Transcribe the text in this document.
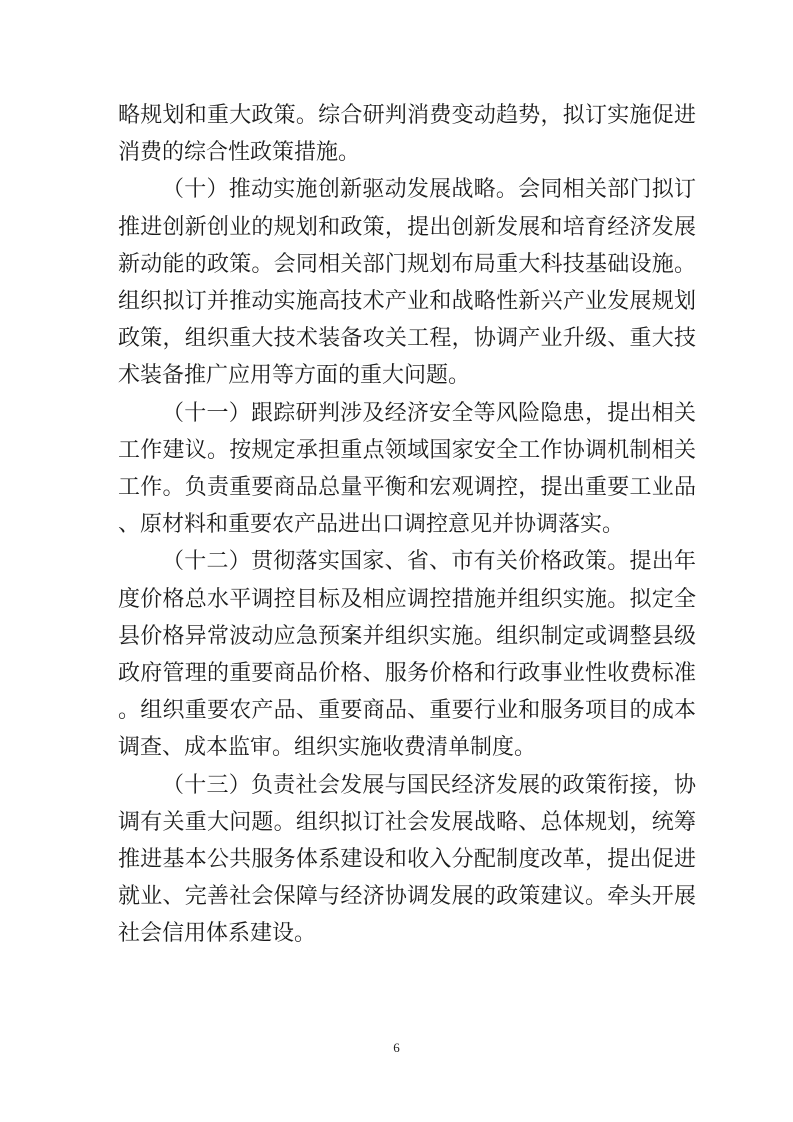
略规划和重大政策。综合研判消费变动趋势，拟订实施促进消费的综合性政策措施。

（十）推动实施创新驱动发展战略。会同相关部门拟订推进创新创业的规划和政策，提出创新发展和培育经济发展新动能的政策。会同相关部门规划布局重大科技基础设施。组织拟订并推动实施高技术产业和战略性新兴产业发展规划政策，组织重大技术装备攻关工程，协调产业升级、重大技术装备推广应用等方面的重大问题。

（十一）跟踪研判涉及经济安全等风险隐患，提出相关工作建议。按规定承担重点领域国家安全工作协调机制相关工作。负责重要商品总量平衡和宏观调控，提出重要工业品、原材料和重要农产品进出口调控意见并协调落实。

（十二）贯彻落实国家、省、市有关价格政策。提出年度价格总水平调控目标及相应调控措施并组织实施。拟定全县价格异常波动应急预案并组织实施。组织制定或调整县级政府管理的重要商品价格、服务价格和行政事业性收费标准。组织重要农产品、重要商品、重要行业和服务项目的成本调查、成本监审。组织实施收费清单制度。

（十三）负责社会发展与国民经济发展的政策衔接，协调有关重大问题。组织拟订社会发展战略、总体规划，统筹推进基本公共服务体系建设和收入分配制度改革，提出促进就业、完善社会保障与经济协调发展的政策建议。牵头开展社会信用体系建设。

6
